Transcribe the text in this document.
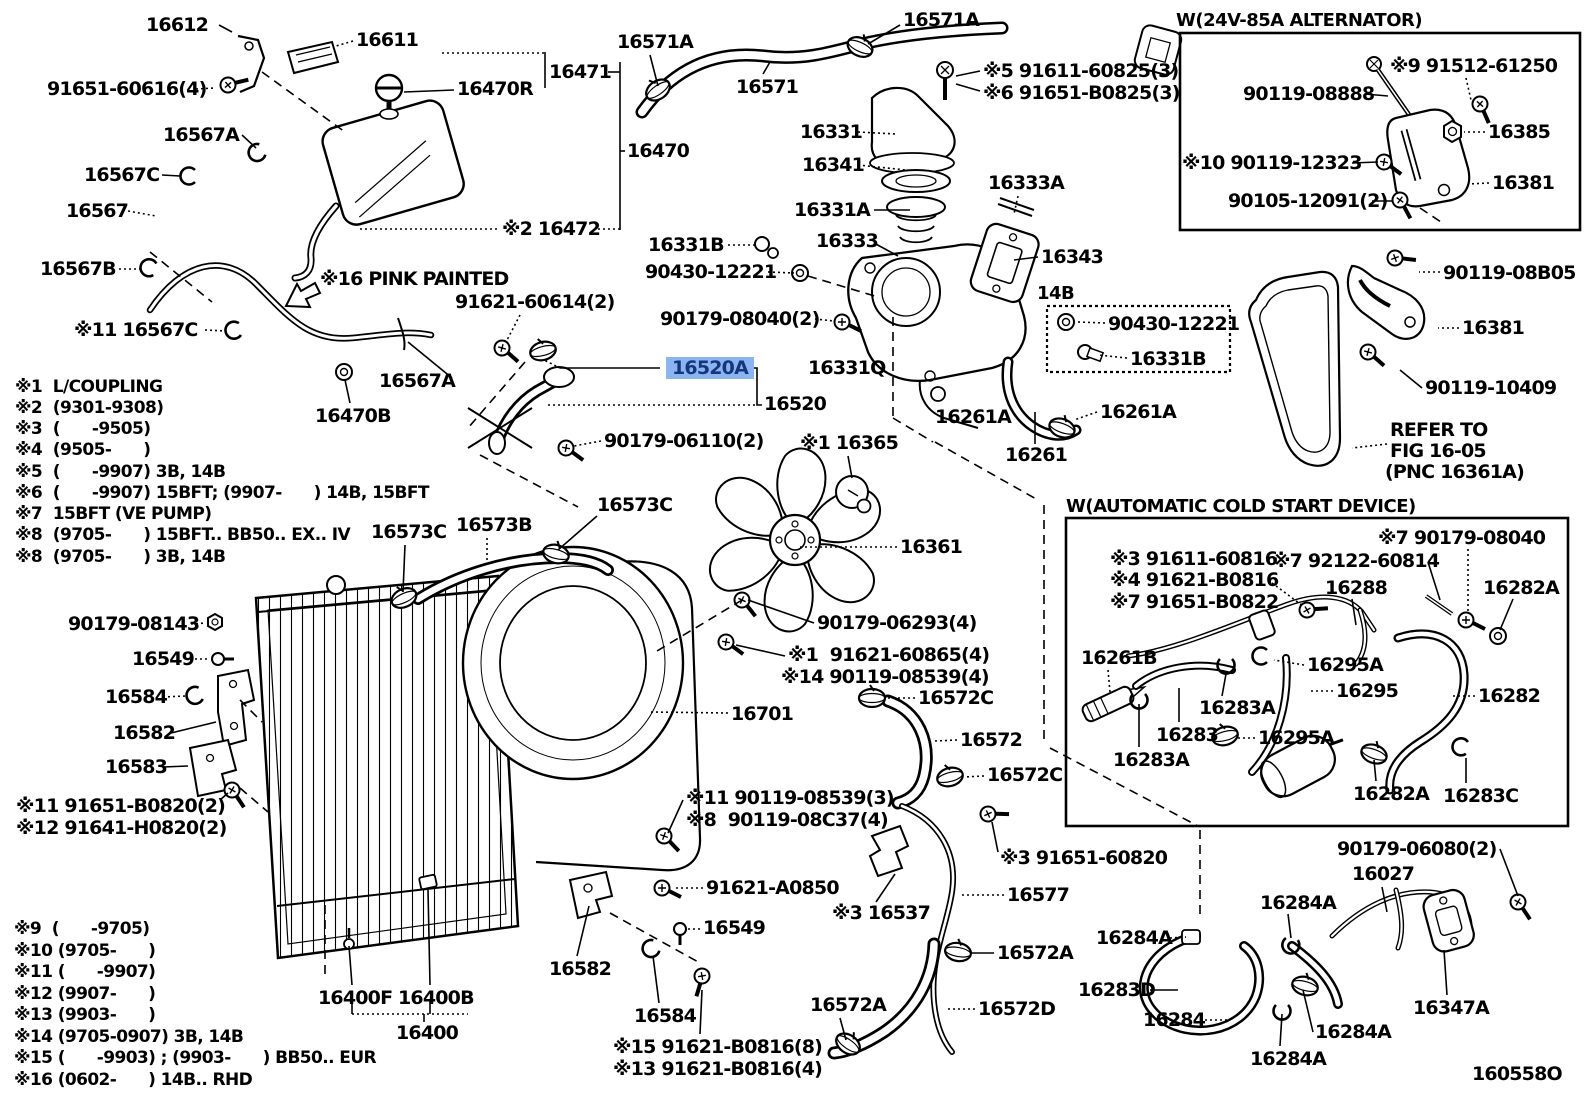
160558O
W(24V-85A ALTERNATOR)
W(AUTOMATIC COLD START DEVICE)
14B
16612
16611
91651-60616(4)
16567A
16567C
16567
16567B
※11 16567C
※16 PINK PAINTED
16470R
16471
16470
※2 16472
16567A
16470B
91621-60614(2)
16571A
16571
16571A
※5 91611-60825(3)
※6 91651-B0825(3)
16331
16341
16331A
16333
16331B
90430-12221
90179-08040(2)
16333A
16343
16331Q
90430-12221
16331B
16261A
16261
16261A
※1 16365
16361
90179-06293(4)
※1  91621-60865(4)
※14 90119-08539(4)
16701
90179-06110(2)
16520A
16520
16573C 16573B
16573C
90179-08143
16549
16584
16582
16583
※11 91651-B0820(2)
※12 91641-H0820(2)
※1  L/COUPLING
※2  (9301-9308)
※3  (      -9505)
※4  (9505-      )
※5  (      -9907) 3B, 14B
※6  (      -9907) 15BFT; (9907-      ) 14B, 15BFT
※7  15BFT (VE PUMP)
※8  (9705-      ) 15BFT.. BB50.. EX.. IV
※8  (9705-      ) 3B, 14B
※9  (      -9705)
※10 (9705-      )
※11 (      -9907)
※12 (9907-      )
※13 (9903-      )
※14 (9705-0907) 3B, 14B
※15 (      -9903) ; (9903-      ) BB50.. EUR
※16 (0602-      ) 14B.. RHD
16400F 16400B
16400
16582
16584
※15 91621-B0816(8)
※13 91621-B0816(4)
16549
91621-A0850
※11 90119-08539(3)
※8  90119-08C37(4)
※3 16537
16572C
16572
16572C
※3 91651-60820
16577
16572A
16572A	16572D
※3 91611-60816
※4 91621-B0816
※7 91651-B0822
※7 92122-60814
※7 90179-08040
16288	16282A
16261B	16295A
16295	16282
16283A
16283 16295A
16283A
16282A 16283C
90179-06080(2)
16027
16284A
16284A
16283D
16284
16284A
16284A
16347A
90119-08B05
16381
90119-10409
REFER TO
FIG 16-05
(PNC 16361A)
※9 91512-61250
90119-08888
16385
※10 90119-12323
16381
90105-12091(2)
